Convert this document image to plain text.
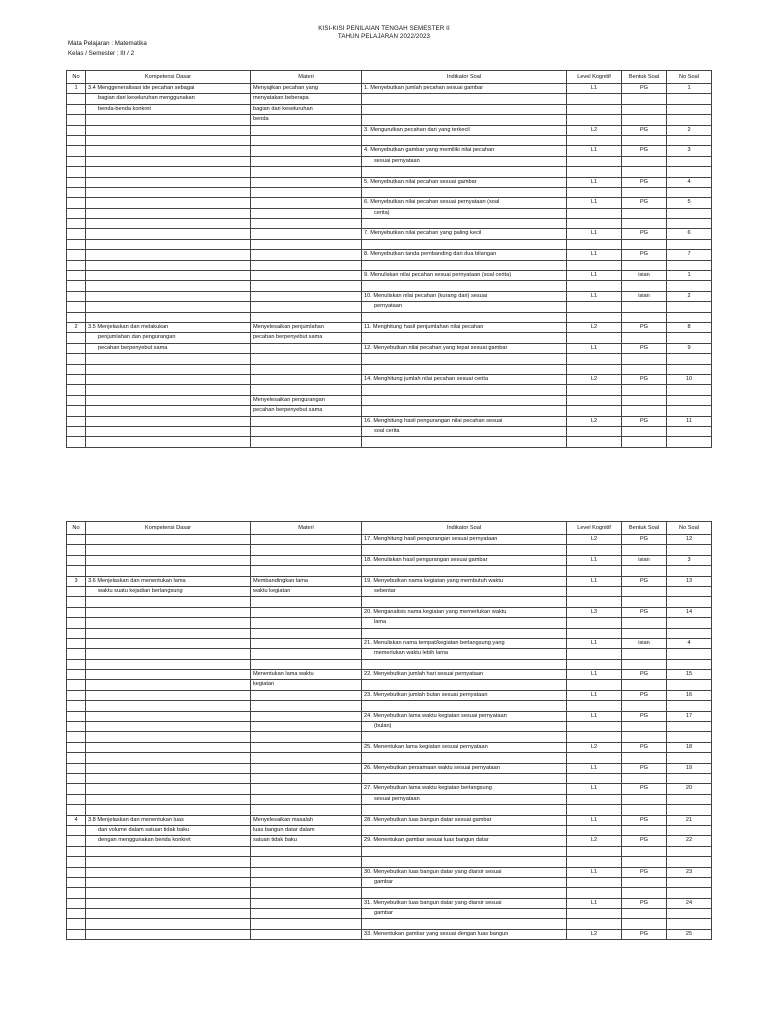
KISI-KISI PENILAIAN TENGAH SEMESTER II
TAHUN PELAJARAN 2022/2023
Mata Pelajaran : Matematika
Kelas / Semester : III / 2
No	Kompetensi Dasar	Materi	Indikator Soal	Level Kognitif	Bentuk Soal	No Soal
1	3.4 Menggeneralisasi ide pecahan sebagai	Menyajikan pecahan yang	1. Menyebutkan jumlah pecahan sesuai gambar	L1	PG	1
	bagian dari keseluruhan menggunakan	menyatakan beberapa				
	benda-benda konkret	bagian dari keseluruhan				
		benda				
			3. Mengurutkan pecahan dari yang terkecil	L2	PG	2

			4. Menyebutkan gambar yang memiliki nilai pecahan	L1	PG	3
			sesuai pernyataan			

			5. Menyebutkan nilai pecahan sesuai gambar	L1	PG	4

			6. Menyebutkan nilai pecahan sesuai pernyataan (soal	L1	PG	5
			cerita)			

			7. Menyebutkan nilai pecahan yang paling kecil	L1	PG	6

			8. Menyebutkan tanda pembanding dari dua bilangan	L1	PG	7

			9. Menuliskan nilai pecahan sesuai pernyataan (soal cerita)	L1	isian	1

			10. Menuliskan nilai pecahan (kurang dari) sesuai	L1	isian	2
			pernyataan			

2	3.5 Menjelaskan dan melakukan	Menyelesaikan penjumlahan	11. Menghitung hasil penjumlahan nilai pecahan	L2	PG	8
	penjumlahan dan pengurangan	pecahan berpenyebut sama				
	pecahan berpenyebut sama		12. Menyebutkan nilai pecahan yang tepat sesuai gambar	L1	PG	9

			14. Menghitung jumlah nilai pecahan sesuai cerita	L2	PG	10

		Menyelesaikan pengurangan				
		pecahan berpenyebut sama				
			16. Menghitung hasil pengurangan nilai pecahan sesuai	L2	PG	11
			soal cerita			

No	Kompetensi Dasar	Materi	Indikator Soal	Level Kognitif	Bentuk Soal	No Soal
			17. Menghitung hasil pengurangan sesuai pernyataan	L2	PG	12

			18. Menuliskan hasil pengurangan sesuai gambar	L1	isian	3

3	3.6 Menjelaskan dan menentukan lama	Membandingkan lama	19. Menyebutkan nama kegiatan yang membutuh waktu	L1	PG	13
	waktu suatu kejadian berlangsung	waktu kegiatan	sebentar			

			20. Menganalisis nama kegiatan yang memerlukan waktu	L3	PG	14
			lama			

			21. Menuliskan nama tempat/kegiatan berlangsung yang	L1	isian	4
			memerlukan waktu lebih lama			

		Menentukan lama waktu	22. Menyebutkan jumlah hari sesuai pernyataan	L1	PG	15
		kegiatan				
			23. Menyebutkan jumlah bulan sesuai pernyataan	L1	PG	16

			24. Menyebutkan lama waktu kegiatan sesuai pernyataan	L1	PG	17
			(bulan)			

			25. Menentukan lama kegiatan sesuai pernyataan	L2	PG	18

			26. Menyebutkan persamaan waktu sesuai pernyataan	L1	PG	19

			27. Menyebutkan lama waktu kegiatan berlangsung	L1	PG	20
			sesuai pernyataan			

4	3.8 Menjelaskan dan menentukan luas	Menyelesaikan masalah	28. Menyebutkan luas bangun datar sesuai gambar	L1	PG	21
	dan volume dalam satuan tidak baku	luas bangun datar dalam				
	dengan menggunakan benda konkret	satuan tidak baku	29. Menentukan gambar sesuai luas bangun datar	L2	PG	22

			30. Menyebutkan luas bangun datar yang diarsir sesuai	L1	PG	23
			gambar			

			31. Menyebutkan luas bangun datar yang diarsir sesuai	L1	PG	24
			gambar			

			33. Menentukan gambar yang sesuai dengan luas bangun	L2	PG	25
